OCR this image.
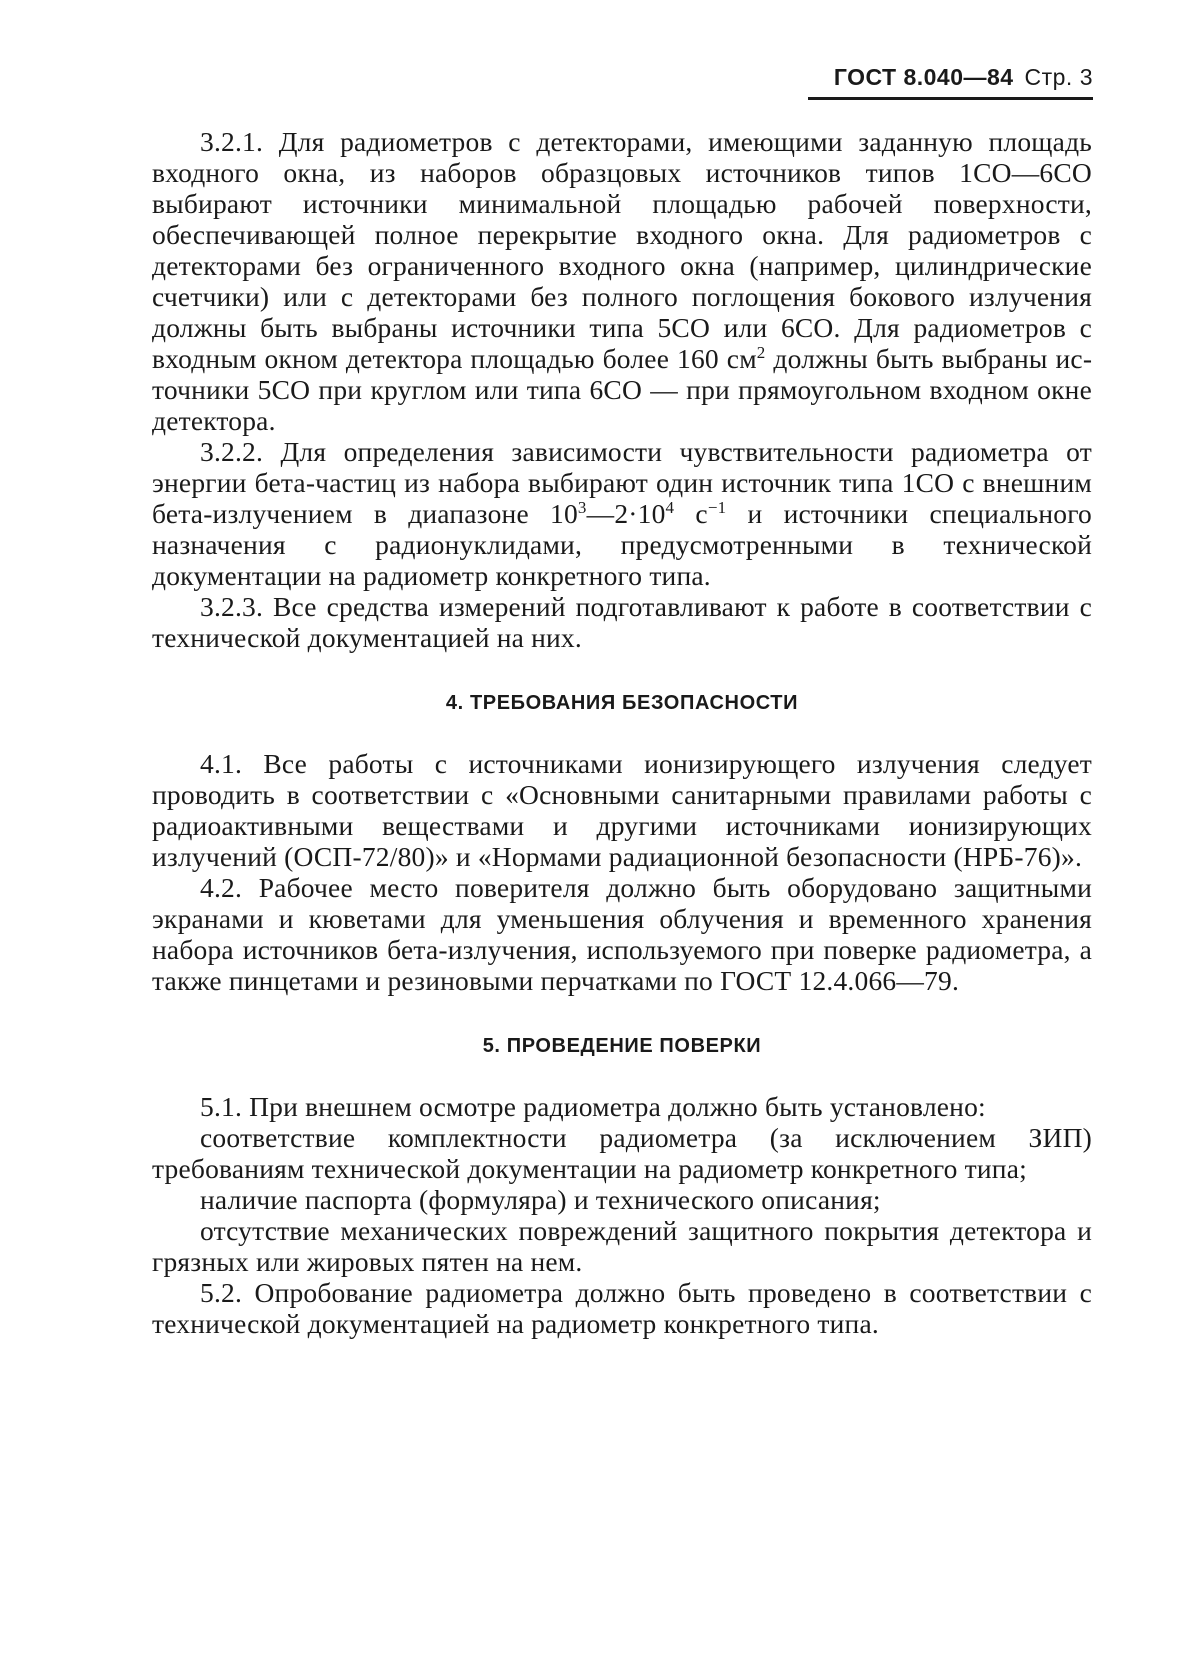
ГОСТ 8.040—84 Стр. 3

3.2.1. Для радиометров с детекторами, имеющими заданную площадь входного окна, из наборов образцовых источников типов 1СО—6СО выбирают источники минимальной площадью рабочей поверхности, обеспечивающей полное перекрытие входного окна. Для радиометров с детекторами без ограниченного входного окна (например, цилиндрические счетчики) или с детекторами без полного поглощения бокового излучения должны быть выбраны источники типа 5СО или 6СО. Для радиометров с входным окном детектора площадью более 160 $см^2$ должны быть выбраны источники 5СО при круглом или типа 6СО — при прямоугольном входном окне детектора.

3.2.2. Для определения зависимости чувствительности радиометра от энергии бета-частиц из набора выбирают один источник типа 1СО с внешним бета-излучением в диапазоне $10^3—2\cdot 10^4$ $с^{-1}$ и источники специального назначения с радионуклидами, предусмотренными в технической документации на радиометр конкретного типа.

3.2.3. Все средства измерений подготавливают к работе в соответствии с технической документацией на них.

4. ТРЕБОВАНИЯ БЕЗОПАСНОСТИ

4.1. Все работы с источниками ионизирующего излучения следует проводить в соответствии с «Основными санитарными правилами работы с радиоактивными веществами и другими источниками ионизирующих излучений (ОСП-72/80)» и «Нормами радиационной безопасности (НРБ-76)».

4.2. Рабочее место поверителя должно быть оборудовано защитными экранами и кюветами для уменьшения облучения и временного хранения набора источников бета-излучения, используемого при поверке радиометра, а также пинцетами и резиновыми перчатками по ГОСТ 12.4.066—79.

5. ПРОВЕДЕНИЕ ПОВЕРКИ

5.1. При внешнем осмотре радиометра должно быть установлено:

соответствие комплектности радиометра (за исключением ЗИП) требованиям технической документации на радиометр конкретного типа;

наличие паспорта (формуляра) и технического описания;

отсутствие механических повреждений защитного покрытия детектора и грязных или жировых пятен на нем.

5.2. Опробование радиометра должно быть проведено в соответствии с технической документацией на радиометр конкретного типа.
